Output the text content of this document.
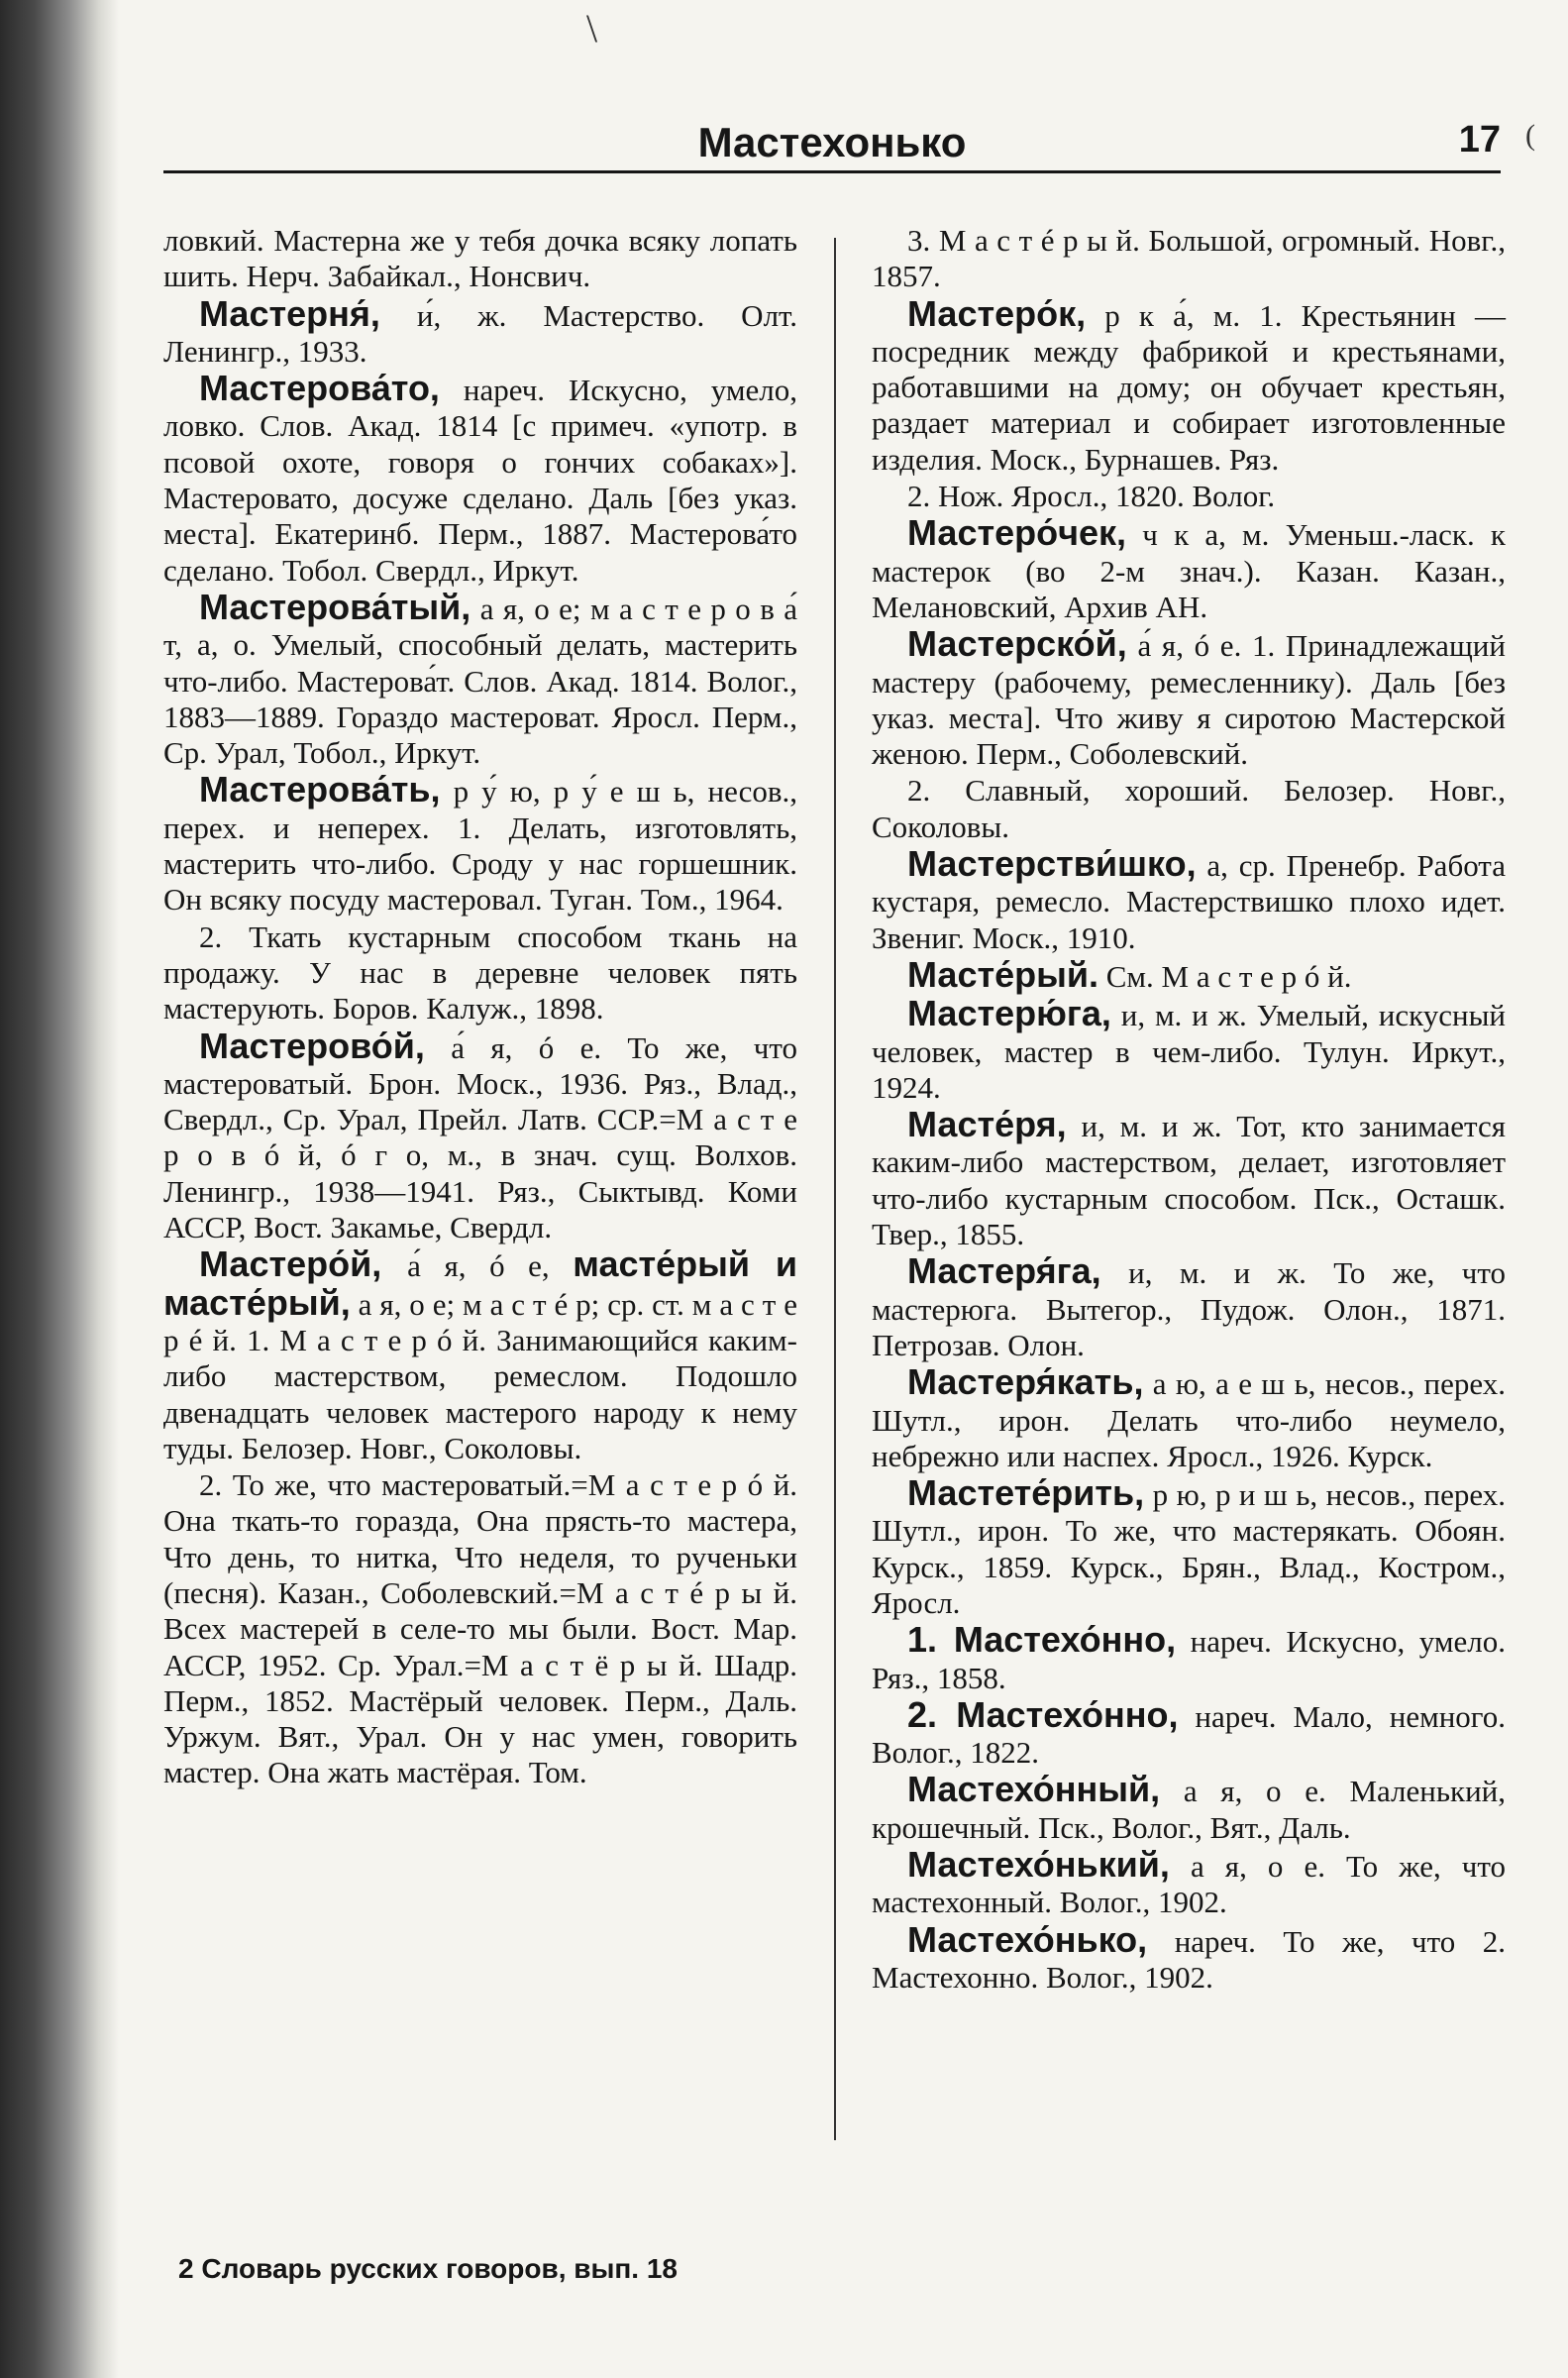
\
(
Мастехонько	17
ловкий. Мастерна же у тебя дочка всяку лопать шить. Нерч. Забайкал., Нонсвич.
Мастерня́, и́, ж. Мастерство. Олт. Ленингр., 1933.
Мастерова́то, нареч. Искусно, умело, ловко. Слов. Акад. 1814 [с примеч. «употр. в псовой охоте, говоря о гончих собаках»]. Мастеровато, досуже сделано. Даль [без указ. места]. Екатеринб. Перм., 1887. Мастерова́то сделано. Тобол. Свердл., Иркут.
Мастерова́тый, а я, о е; м а с т е р о в а́ т, а, о. Умелый, способный делать, мастерить что-либо. Мастерова́т. Слов. Акад. 1814. Волог., 1883—1889. Гораздо мастероват. Яросл. Перм., Ср. Урал, Тобол., Иркут.
Мастерова́ть, р у́ ю, р у́ е ш ь, несов., перех. и неперех. 1. Делать, изготовлять, мастерить что-либо. Сроду у нас горшешник. Он всяку посуду мастеровал. Туган. Том., 1964.
2. Ткать кустарным способом ткань на продажу. У нас в деревне человек пять мастерують. Боров. Калуж., 1898.
Мастерово́й, а́ я, ó е. То же, что мастероватый. Брон. Моск., 1936. Ряз., Влад., Свердл., Ср. Урал, Прейл. Латв. ССР.=М а с т е р о в ó й, ó г о, м., в знач. сущ. Волхов. Ленингр., 1938—1941. Ряз., Сыктывд. Коми АССР, Вост. Закамье, Свердл.
Мастеро́й, а́ я, ó е, масте́рый и масте́рый, а я, о е; м а с т é р; ср. ст. м а с т е р é й. 1. М а с т е р ó й. Занимающийся каким-либо мастерством, ремеслом. Подошло двенадцать человек мастерого народу к нему туды. Белозер. Новг., Соколовы.
2. То же, что мастероватый.=М а с т е р ó й. Она ткать-то горазда, Она прясть-то мастера, Что день, то нитка, Что неделя, то рученьки (песня). Казан., Соболевский.=М а с т é р ы й. Всех мастерей в селе-то мы были. Вост. Мар. АССР, 1952. Ср. Урал.=М а с т ё р ы й. Шадр. Перм., 1852. Мастёрый человек. Перм., Даль. Уржум. Вят., Урал. Он у нас умен, говорить мастер. Она жать мастёрая. Том.
3. М а с т é р ы й. Большой, огромный. Новг., 1857.
Мастеро́к, р к а́, м. 1. Крестьянин — посредник между фабрикой и крестьянами, работавшими на дому; он обучает крестьян, раздает материал и собирает изготовленные изделия. Моск., Бурнашев. Ряз.
2. Нож. Яросл., 1820. Волог.
Мастеро́чек, ч к а, м. Уменьш.-ласк. к мастерок (во 2-м знач.). Казан. Казан., Мелановский, Архив АН.
Мастерско́й, а́ я, ó е. 1. Принадлежащий мастеру (рабочему, ремесленнику). Даль [без указ. места]. Что живу я сиротою Мастерской женою. Перм., Соболевский.
2. Славный, хороший. Белозер. Новг., Соколовы.
Мастерстви́шко, а, ср. Пренебр. Работа кустаря, ремесло. Мастерствишко плохо идет. Звениг. Моск., 1910.
Масте́рый. См. М а с т е р ó й.
Мастерю́га, и, м. и ж. Умелый, искусный человек, мастер в чем-либо. Тулун. Иркут., 1924.
Масте́ря, и, м. и ж. Тот, кто занимается каким-либо мастерством, делает, изготовляет что-либо кустарным способом. Пск., Осташк. Твер., 1855.
Мастеря́га, и, м. и ж. То же, что мастерюга. Вытегор., Пудож. Олон., 1871. Петрозав. Олон.
Мастеря́кать, а ю, а е ш ь, несов., перех. Шутл., ирон. Делать что-либо неумело, небрежно или наспех. Яросл., 1926. Курск.
Мастете́рить, р ю, р и ш ь, несов., перех. Шутл., ирон. То же, что мастерякать. Обоян. Курск., 1859. Курск., Брян., Влад., Костром., Яросл.
1. Мастехо́нно, нареч. Искусно, умело. Ряз., 1858.
2. Мастехо́нно, нареч. Мало, немного. Волог., 1822.
Мастехо́нный, а я, о е. Маленький, крошечный. Пск., Волог., Вят., Даль.
Мастехо́нький, а я, о е. То же, что мастехонный. Волог., 1902.
Мастехо́нько, нареч. То же, что 2. Мастехонно. Волог., 1902.
2 Словарь русских говоров, вып. 18
